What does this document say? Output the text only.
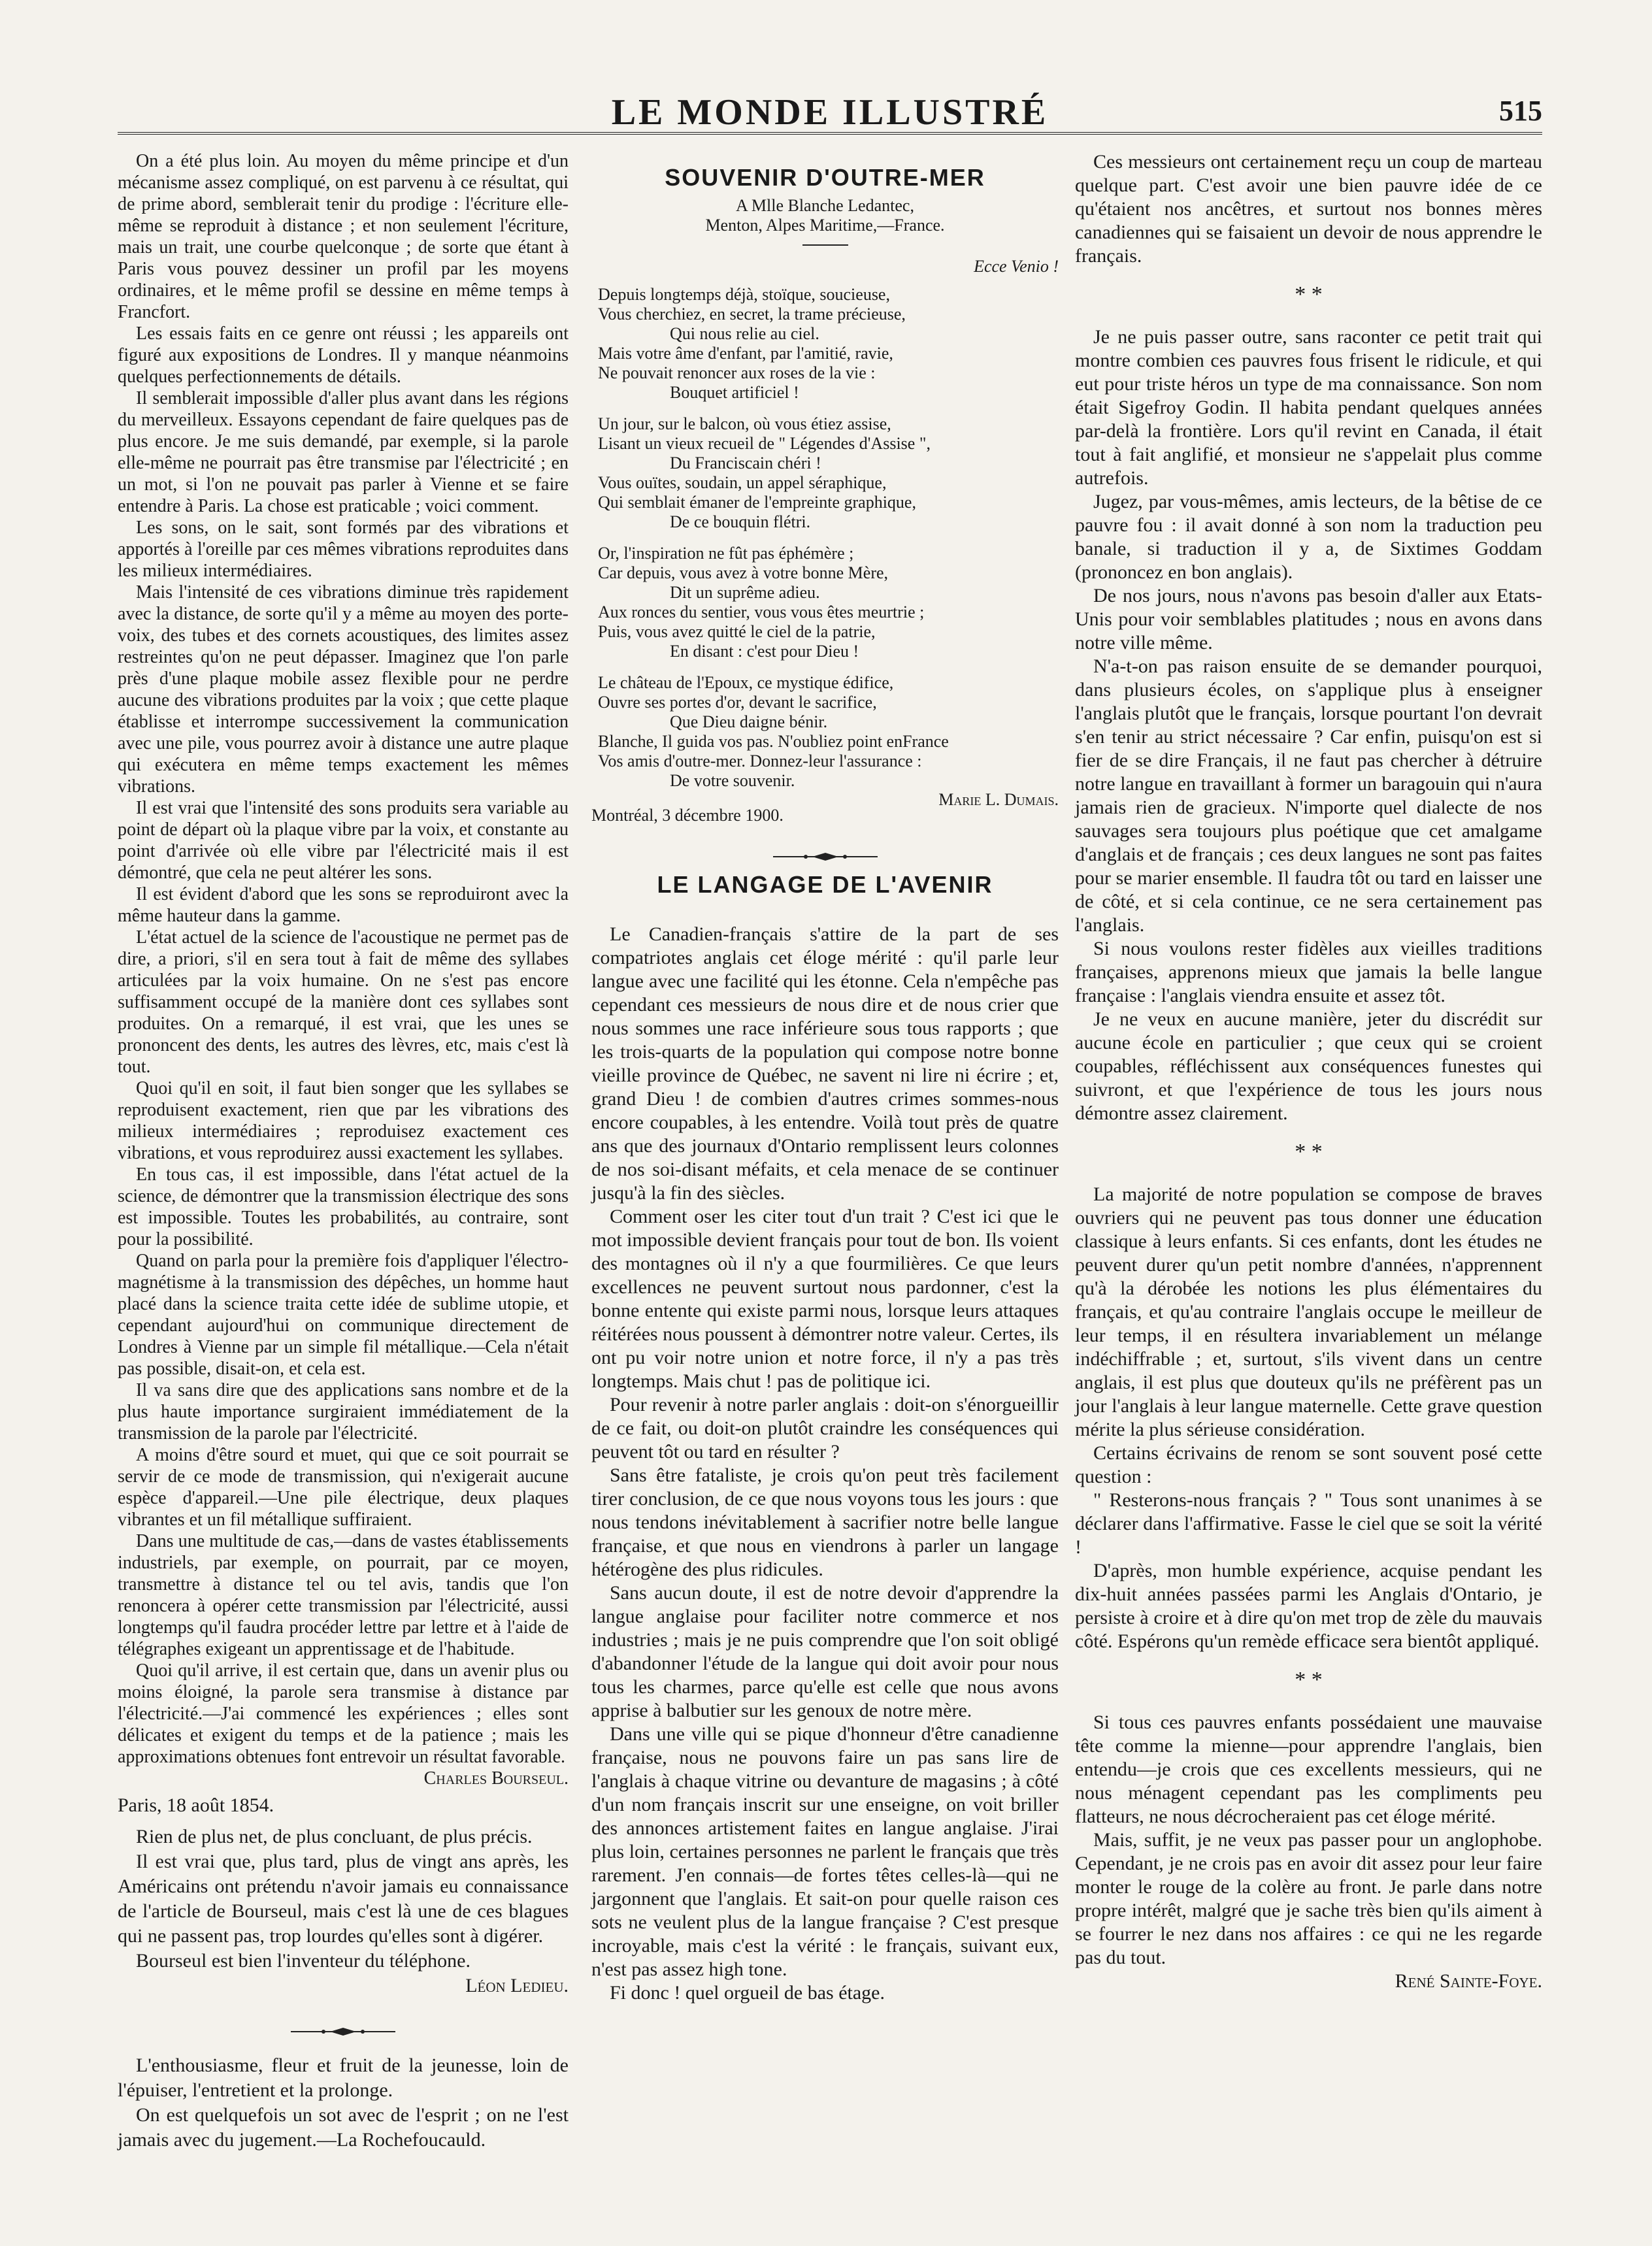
LE MONDE ILLUSTRÉ	515

On a été plus loin. Au moyen du même principe et d'un mécanisme assez compliqué, on est parvenu à ce résultat, qui de prime abord, semblerait tenir du prodige : l'écriture elle-même se reproduit à distance ; et non seulement l'écriture, mais un trait, une courbe quelconque ; de sorte que étant à Paris vous pouvez dessiner un profil par les moyens ordinaires, et le même profil se dessine en même temps à Francfort.

Les essais faits en ce genre ont réussi ; les appareils ont figuré aux expositions de Londres. Il y manque néanmoins quelques perfectionnements de détails.

Il semblerait impossible d'aller plus avant dans les régions du merveilleux. Essayons cependant de faire quelques pas de plus encore. Je me suis demandé, par exemple, si la parole elle-même ne pourrait pas être transmise par l'électricité ; en un mot, si l'on ne pouvait pas parler à Vienne et se faire entendre à Paris. La chose est praticable ; voici comment.

Les sons, on le sait, sont formés par des vibrations et apportés à l'oreille par ces mêmes vibrations reproduites dans les milieux intermédiaires.

Mais l'intensité de ces vibrations diminue très rapidement avec la distance, de sorte qu'il y a même au moyen des porte-voix, des tubes et des cornets acoustiques, des limites assez restreintes qu'on ne peut dépasser. Imaginez que l'on parle près d'une plaque mobile assez flexible pour ne perdre aucune des vibrations produites par la voix ; que cette plaque établisse et interrompe successivement la communication avec une pile, vous pourrez avoir à distance une autre plaque qui exécutera en même temps exactement les mêmes vibrations.

Il est vrai que l'intensité des sons produits sera variable au point de départ où la plaque vibre par la voix, et constante au point d'arrivée où elle vibre par l'électricité mais il est démontré, que cela ne peut altérer les sons.

Il est évident d'abord que les sons se reproduiront avec la même hauteur dans la gamme.

L'état actuel de la science de l'acoustique ne permet pas de dire, a priori, s'il en sera tout à fait de même des syllabes articulées par la voix humaine. On ne s'est pas encore suffisamment occupé de la manière dont ces syllabes sont produites. On a remarqué, il est vrai, que les unes se prononcent des dents, les autres des lèvres, etc, mais c'est là tout.

Quoi qu'il en soit, il faut bien songer que les syllabes se reproduisent exactement, rien que par les vibrations des milieux intermédiaires ; reproduisez exactement ces vibrations, et vous reproduirez aussi exactement les syllabes.

En tous cas, il est impossible, dans l'état actuel de la science, de démontrer que la transmission électrique des sons est impossible. Toutes les probabilités, au contraire, sont pour la possibilité.

Quand on parla pour la première fois d'appliquer l'électro-magnétisme à la transmission des dépêches, un homme haut placé dans la science traita cette idée de sublime utopie, et cependant aujourd'hui on communique directement de Londres à Vienne par un simple fil métallique.—Cela n'était pas possible, disait-on, et cela est.

Il va sans dire que des applications sans nombre et de la plus haute importance surgiraient immédiatement de la transmission de la parole par l'électricité.

A moins d'être sourd et muet, qui que ce soit pourrait se servir de ce mode de transmission, qui n'exigerait aucune espèce d'appareil.—Une pile électrique, deux plaques vibrantes et un fil métallique suffiraient.

Dans une multitude de cas,—dans de vastes établissements industriels, par exemple, on pourrait, par ce moyen, transmettre à distance tel ou tel avis, tandis que l'on renoncera à opérer cette transmission par l'électricité, aussi longtemps qu'il faudra procéder lettre par lettre et à l'aide de télégraphes exigeant un apprentissage et de l'habitude.

Quoi qu'il arrive, il est certain que, dans un avenir plus ou moins éloigné, la parole sera transmise à distance par l'électricité.—J'ai commencé les expériences ; elles sont délicates et exigent du temps et de la patience ; mais les approximations obtenues font entrevoir un résultat favorable.

Charles Bourseul.

Paris, 18 août 1854.

Rien de plus net, de plus concluant, de plus précis.

Il est vrai que, plus tard, plus de vingt ans après, les Américains ont prétendu n'avoir jamais eu connaissance de l'article de Bourseul, mais c'est là une de ces blagues qui ne passent pas, trop lourdes qu'elles sont à digérer.

Bourseul est bien l'inventeur du téléphone.

Léon Ledieu.

L'enthousiasme, fleur et fruit de la jeunesse, loin de l'épuiser, l'entretient et la prolonge.

On est quelquefois un sot avec de l'esprit ; on ne l'est jamais avec du jugement.—La Rochefoucauld.

SOUVENIR D'OUTRE-MER
A Mlle Blanche Ledantec,
Menton, Alpes Maritime,—France.
Ecce Venio !
Depuis longtemps déjà, stoïque, soucieuse,
Vous cherchiez, en secret, la trame précieuse,
Qui nous relie au ciel.
Mais votre âme d'enfant, par l'amitié, ravie,
Ne pouvait renoncer aux roses de la vie :
Bouquet artificiel !
Un jour, sur le balcon, où vous étiez assise,
Lisant un vieux recueil de " Légendes d'Assise ",
Du Franciscain chéri !
Vous ouïtes, soudain, un appel séraphique,
Qui semblait émaner de l'empreinte graphique,
De ce bouquin flétri.
Or, l'inspiration ne fût pas éphémère ;
Car depuis, vous avez à votre bonne Mère,
Dit un suprême adieu.
Aux ronces du sentier, vous vous êtes meurtrie ;
Puis, vous avez quitté le ciel de la patrie,
En disant : c'est pour Dieu !
Le château de l'Epoux, ce mystique édifice,
Ouvre ses portes d'or, devant le sacrifice,
Que Dieu daigne bénir.
Blanche, Il guida vos pas. N'oubliez point enFrance
Vos amis d'outre-mer. Donnez-leur l'assurance :
De votre souvenir.
Montréal, 3 décembre 1900.
Marie L. Dumais.
LE LANGAGE DE L'AVENIR

Le Canadien-français s'attire de la part de ses compatriotes anglais cet éloge mérité : qu'il parle leur langue avec une facilité qui les étonne. Cela n'empêche pas cependant ces messieurs de nous dire et de nous crier que nous sommes une race inférieure sous tous rapports ; que les trois-quarts de la population qui compose notre bonne vieille province de Québec, ne savent ni lire ni écrire ; et, grand Dieu ! de combien d'autres crimes sommes-nous encore coupables, à les entendre. Voilà tout près de quatre ans que des journaux d'Ontario remplissent leurs colonnes de nos soi-disant méfaits, et cela menace de se continuer jusqu'à la fin des siècles.

Comment oser les citer tout d'un trait ? C'est ici que le mot impossible devient français pour tout de bon. Ils voient des montagnes où il n'y a que fourmilières. Ce que leurs excellences ne peuvent surtout nous pardonner, c'est la bonne entente qui existe parmi nous, lorsque leurs attaques réitérées nous poussent à démontrer notre valeur. Certes, ils ont pu voir notre union et notre force, il n'y a pas très longtemps. Mais chut ! pas de politique ici.

Pour revenir à notre parler anglais : doit-on s'énorgueillir de ce fait, ou doit-on plutôt craindre les conséquences qui peuvent tôt ou tard en résulter ?

Sans être fataliste, je crois qu'on peut très facilement tirer conclusion, de ce que nous voyons tous les jours : que nous tendons inévitablement à sacrifier notre belle langue française, et que nous en viendrons à parler un langage hétérogène des plus ridicules.

Sans aucun doute, il est de notre devoir d'apprendre la langue anglaise pour faciliter notre commerce et nos industries ; mais je ne puis comprendre que l'on soit obligé d'abandonner l'étude de la langue qui doit avoir pour nous tous les charmes, parce qu'elle est celle que nous avons apprise à balbutier sur les genoux de notre mère.

Dans une ville qui se pique d'honneur d'être canadienne française, nous ne pouvons faire un pas sans lire de l'anglais à chaque vitrine ou devanture de magasins ; à côté d'un nom français inscrit sur une enseigne, on voit briller des annonces artistement faites en langue anglaise. J'irai plus loin, certaines personnes ne parlent le français que très rarement. J'en connais—de fortes têtes celles-là—qui ne jargonnent que l'anglais. Et sait-on pour quelle raison ces sots ne veulent plus de la langue française ? C'est presque incroyable, mais c'est la vérité : le français, suivant eux, n'est pas assez high tone.

Fi donc ! quel orgueil de bas étage.

Ces messieurs ont certainement reçu un coup de marteau quelque part. C'est avoir une bien pauvre idée de ce qu'étaient nos ancêtres, et surtout nos bonnes mères canadiennes qui se faisaient un devoir de nous apprendre le français.

* *

Je ne puis passer outre, sans raconter ce petit trait qui montre combien ces pauvres fous frisent le ridicule, et qui eut pour triste héros un type de ma connaissance. Son nom était Sigefroy Godin. Il habita pendant quelques années par-delà la frontière. Lors qu'il revint en Canada, il était tout à fait anglifié, et monsieur ne s'appelait plus comme autrefois.

Jugez, par vous-mêmes, amis lecteurs, de la bêtise de ce pauvre fou : il avait donné à son nom la traduction peu banale, si traduction il y a, de Sixtimes Goddam (prononcez en bon anglais).

De nos jours, nous n'avons pas besoin d'aller aux Etats-Unis pour voir semblables platitudes ; nous en avons dans notre ville même.

N'a-t-on pas raison ensuite de se demander pourquoi, dans plusieurs écoles, on s'applique plus à enseigner l'anglais plutôt que le français, lorsque pourtant l'on devrait s'en tenir au strict nécessaire ? Car enfin, puisqu'on est si fier de se dire Français, il ne faut pas chercher à détruire notre langue en travaillant à former un baragouin qui n'aura jamais rien de gracieux. N'importe quel dialecte de nos sauvages sera toujours plus poétique que cet amalgame d'anglais et de français ; ces deux langues ne sont pas faites pour se marier ensemble. Il faudra tôt ou tard en laisser une de côté, et si cela continue, ce ne sera certainement pas l'anglais.

Si nous voulons rester fidèles aux vieilles traditions françaises, apprenons mieux que jamais la belle langue française : l'anglais viendra ensuite et assez tôt.

Je ne veux en aucune manière, jeter du discrédit sur aucune école en particulier ; que ceux qui se croient coupables, réfléchissent aux conséquences funestes qui suivront, et que l'expérience de tous les jours nous démontre assez clairement.

* *

La majorité de notre population se compose de braves ouvriers qui ne peuvent pas tous donner une éducation classique à leurs enfants. Si ces enfants, dont les études ne peuvent durer qu'un petit nombre d'années, n'apprennent qu'à la dérobée les notions les plus élémentaires du français, et qu'au contraire l'anglais occupe le meilleur de leur temps, il en résultera invariablement un mélange indéchiffrable ; et, surtout, s'ils vivent dans un centre anglais, il est plus que douteux qu'ils ne préfèrent pas un jour l'anglais à leur langue maternelle. Cette grave question mérite la plus sérieuse considération.

Certains écrivains de renom se sont souvent posé cette question :

" Resterons-nous français ? " Tous sont unanimes à se déclarer dans l'affirmative. Fasse le ciel que se soit la vérité !

D'après, mon humble expérience, acquise pendant les dix-huit années passées parmi les Anglais d'Ontario, je persiste à croire et à dire qu'on met trop de zèle du mauvais côté. Espérons qu'un remède efficace sera bientôt appliqué.

* *

Si tous ces pauvres enfants possédaient une mauvaise tête comme la mienne—pour apprendre l'anglais, bien entendu—je crois que ces excellents messieurs, qui ne nous ménagent cependant pas les compliments peu flatteurs, ne nous décrocheraient pas cet éloge mérité.

Mais, suffit, je ne veux pas passer pour un anglophobe. Cependant, je ne crois pas en avoir dit assez pour leur faire monter le rouge de la colère au front. Je parle dans notre propre intérêt, malgré que je sache très bien qu'ils aiment à se fourrer le nez dans nos affaires : ce qui ne les regarde pas du tout.

René Sainte-Foye.
